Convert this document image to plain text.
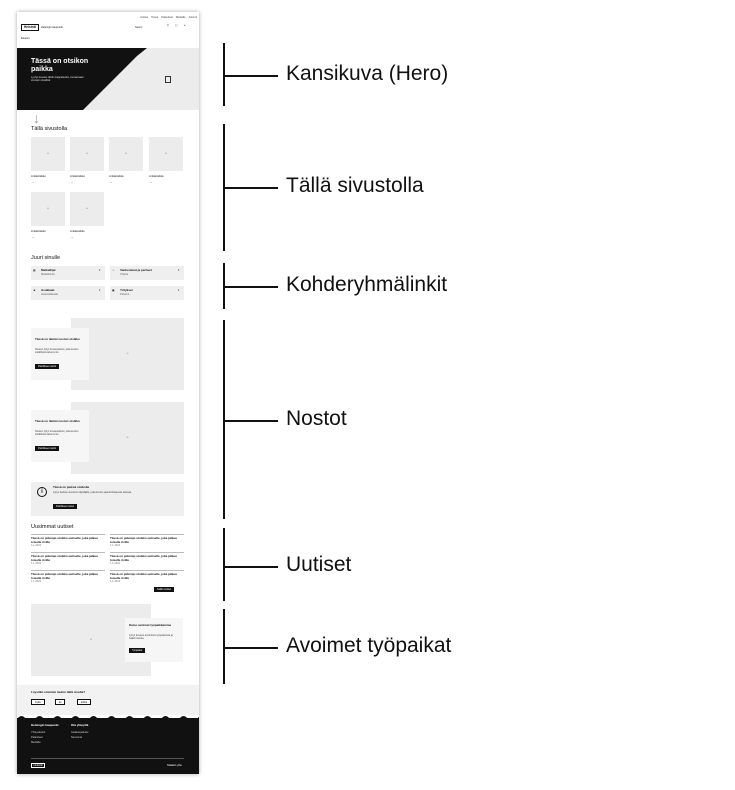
Uutiset Tietoa Palautteet Medialle Asiointi
Helsinki	Helsingin kaupunki	Suomi
⚲ ◯ ≡
Etusivu
Tässä on otsikon paikka
Lyyhyt kuvaus tähän kappaleeksi, kuvaamaan sivuston sisältöä.
↓
Tällä sivustolla
▫
▫
▫
▫
Linkkiotsikko	Linkkiotsikko	Linkkiotsikko	Linkkiotsikko
→	→	→	→
▫
▫
Linkkiotsikko	Linkkiotsikko
→	→
Juuri sinulle
▦ Matkailijat
Matkailuinfo
▾	☺ Vanhemmat ja perheet
Ohjeita
▾
☻ Asukkaat
Helsinkiläiselle
▾	▣ Yritykset
Palvelut
▾
▫
Tässä on tämän noston otsikko
Noston lyhyt kuvausteksti, joka kertoo sisällöstä tarkemmin.
Painikkeen teksti
▫
Tässä on tämän noston otsikko
Noston lyhyt kuvausteksti, joka kertoo sisällöstä tarkemmin.
Painikkeen teksti
i
Tässä on pieksä otsikolle
Lyhyt tiedote sivuston käyttäjille, joka kertoo ajankohtaisesta asiasta.
Painikkeen teksti
Uusimmat uutiset
Tässä on pidempi otsikko uutiselle, joka jatkuu toiselle riville
1.1.2024
Tässä on pidempi otsikko uutiselle, joka jatkuu toiselle riville
1.1.2024
Tässä on pidempi otsikko uutiselle, joka jatkuu toiselle riville
1.1.2024
Tässä on pidempi otsikko uutiselle, joka jatkuu toiselle riville
1.1.2024
Tässä on pidempi otsikko uutiselle, joka jatkuu toiselle riville
1.1.2024
Tässä on pidempi otsikko uutiselle, joka jatkuu toiselle riville
1.1.2024
Kaikki uutiset
▫
Katso avoimet työpaikkamme
Lyhyt kuvaus avoimista työpaikoista ja hakemisesta.
Työpaikat
Löysitkö etsimäsi tiedon tältä sivulta?
Kyllä	Ei	Ehkä
Helsingin kaupunki
Yhteystiedot
Palautteet
Medialle
Ota yhteyttä
Asiakaspalvelu
Neuvonta
Helsinki	Takaisin ylös
Kansikuva (Hero)
Tällä sivustolla
Kohderyhmälinkit
Nostot
Uutiset
Avoimet työpaikat
